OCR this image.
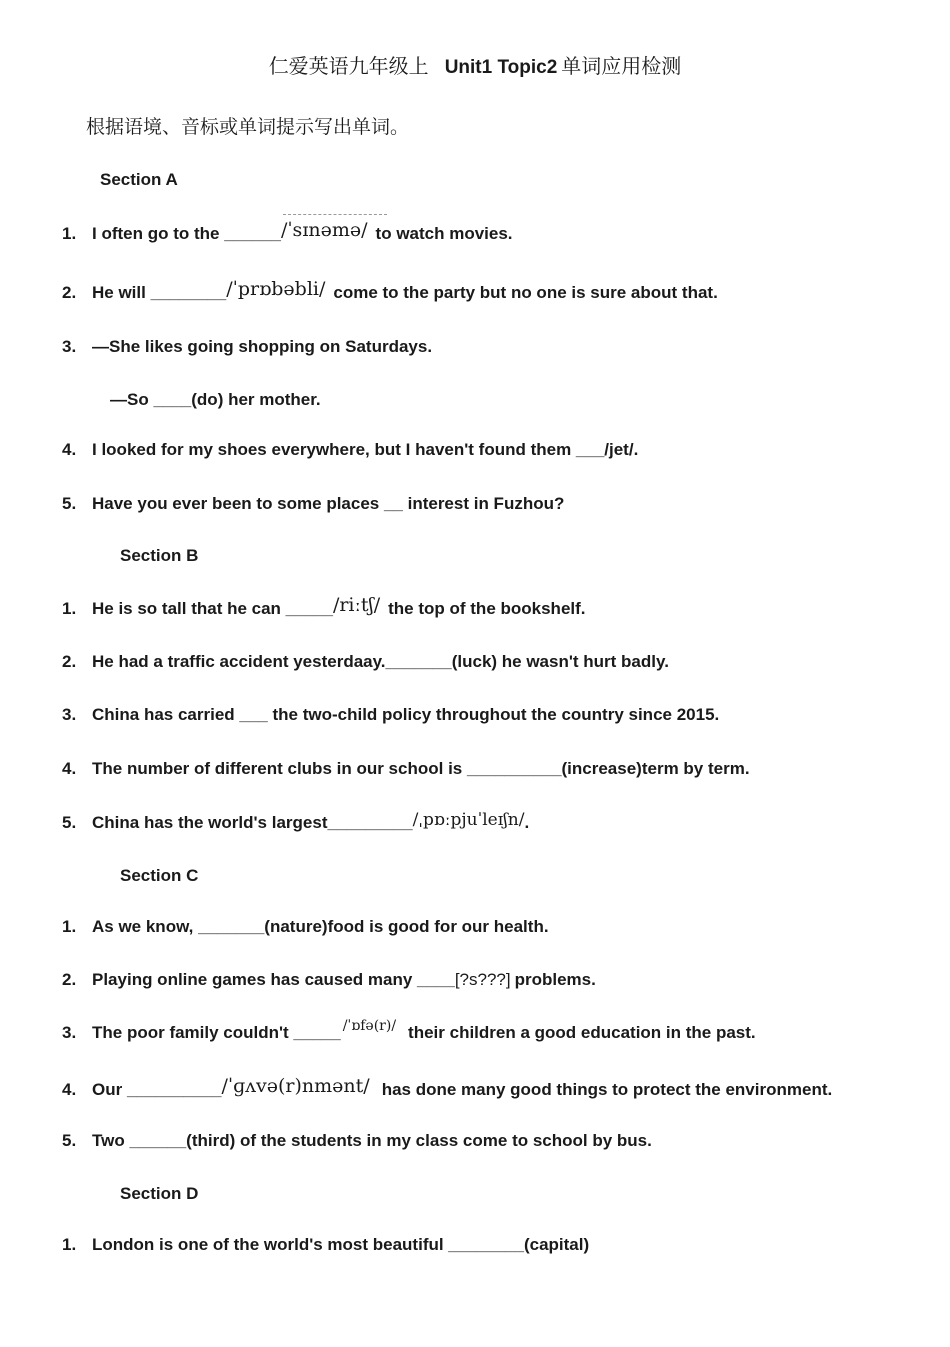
仁爱英语九年级上 Unit1 Topic2 单词应用检测
根据语境、音标或单词提示写出单词。
Section A
1 . I often go to the ______/ˈsɪnəmə/ to watch movies.
2 . He will ________/ˈprɒbəbli/ come to the party but no one is sure about that.
3 . —She likes going shopping on Saturdays.
—So ____(do) her mother.
4 . I looked for my shoes everywhere, but I haven't found them ___/jet/.
5 . Have you ever been to some places __ interest in Fuzhou?
Section B
1 . He is so tall that he can _____/riːtʃ/ the top of the bookshelf.
2 . He had a traffic accident yesterdaay._______(luck) he wasn't hurt badly.
3 . China has carried ___ the two-child policy throughout the country since 2015.
4 . The number of different clubs in our school is __________(increase)term by term.
5 . China has the world's largest_________/ˌpɒːpjuˈleɪʃn/.
Section C
1 . As we know, _______(nature)food is good for our health.
2 . Playing online games has caused many ____[?s???] problems.
3 . The poor family couldn't _____ /ˈɒfə(r)/ their children a good education in the past.
4 . Our __________/ˈɡʌvə(r)nmənt/ has done many good things to protect the environment.
5 . Two ______(third) of the students in my class come to school by bus.
Section D
1 . London is one of the world's most beautiful ________(capital)
